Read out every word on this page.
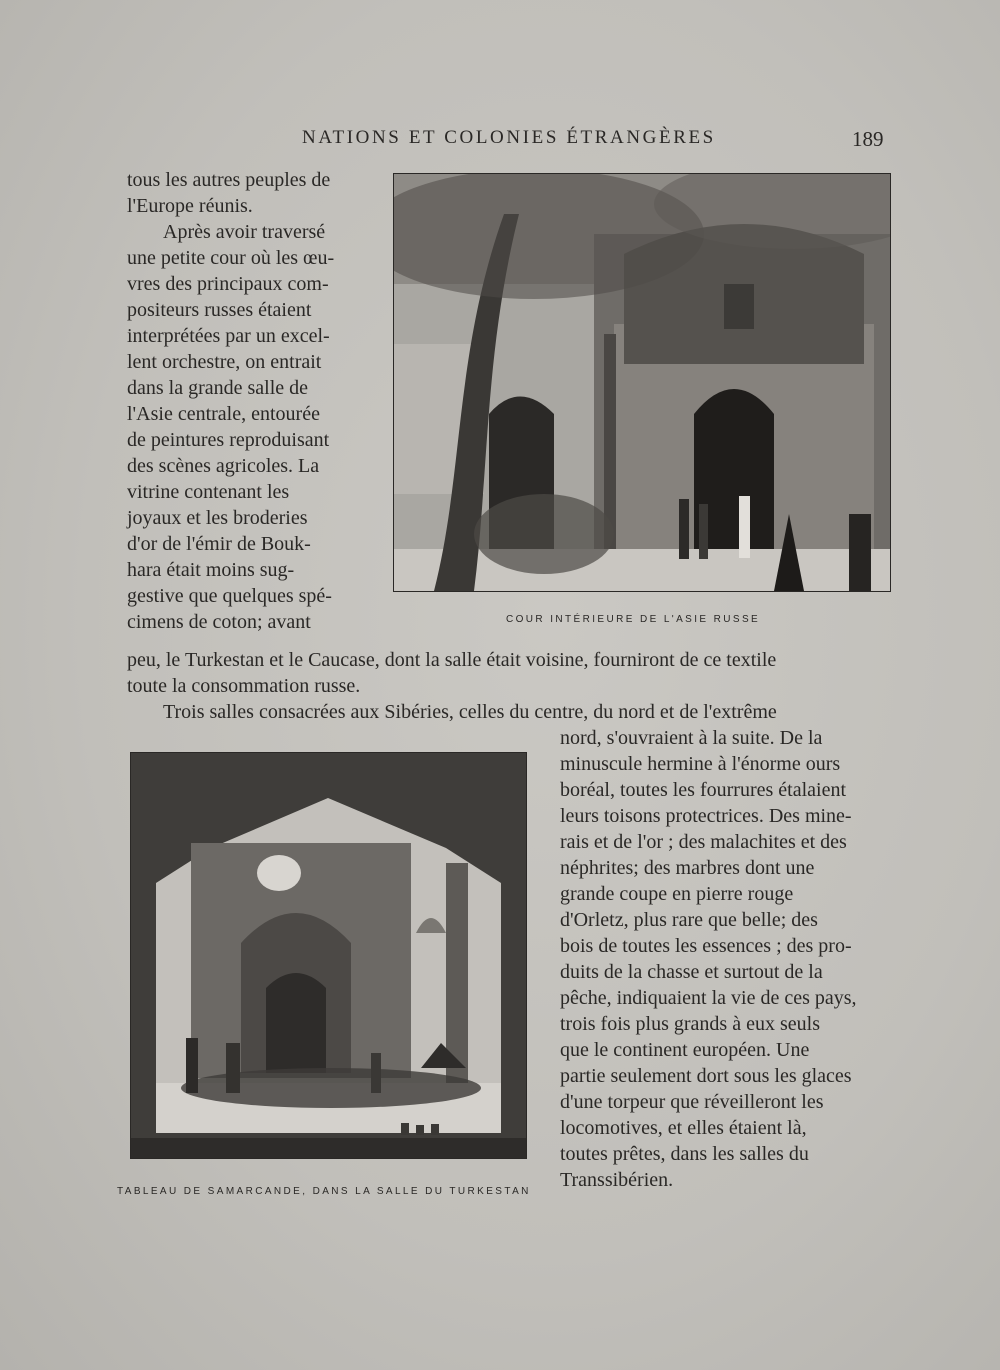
NATIONS ET COLONIES ÉTRANGÈRES	189
tous les autres peuples de
l'Europe réunis.
Après avoir traversé
une petite cour où les œu-
vres des principaux com-
positeurs russes étaient
interprétées par un excel-
lent orchestre, on entrait
dans la grande salle de
l'Asie centrale, entourée
de peintures reproduisant
des scènes agricoles. La
vitrine contenant les
joyaux et les broderies
d'or de l'émir de Bouk-
hara était moins sug-
gestive que quelques spé-
cimens de coton; avant	COUR INTÉRIEURE DE L'ASIE RUSSE
peu, le Turkestan et le Caucase, dont la salle était voisine, fourniront de ce textile
toute la consommation russe.
Trois salles consacrées aux Sibéries, celles du centre, du nord et de l'extrême
TABLEAU DE SAMARCANDE, DANS LA SALLE DU TURKESTAN
nord, s'ouvraient à la suite. De la
minuscule hermine à l'énorme ours
boréal, toutes les fourrures étalaient
leurs toisons protectrices. Des mine-
rais et de l'or ; des malachites et des
néphrites; des marbres dont une
grande coupe en pierre rouge
d'Orletz, plus rare que belle; des
bois de toutes les essences ; des pro-
duits de la chasse et surtout de la
pêche, indiquaient la vie de ces pays,
trois fois plus grands à eux seuls
que le continent européen. Une
partie seulement dort sous les glaces
d'une torpeur que réveilleront les
locomotives, et elles étaient là,
toutes prêtes, dans les salles du
Transsibérien.
